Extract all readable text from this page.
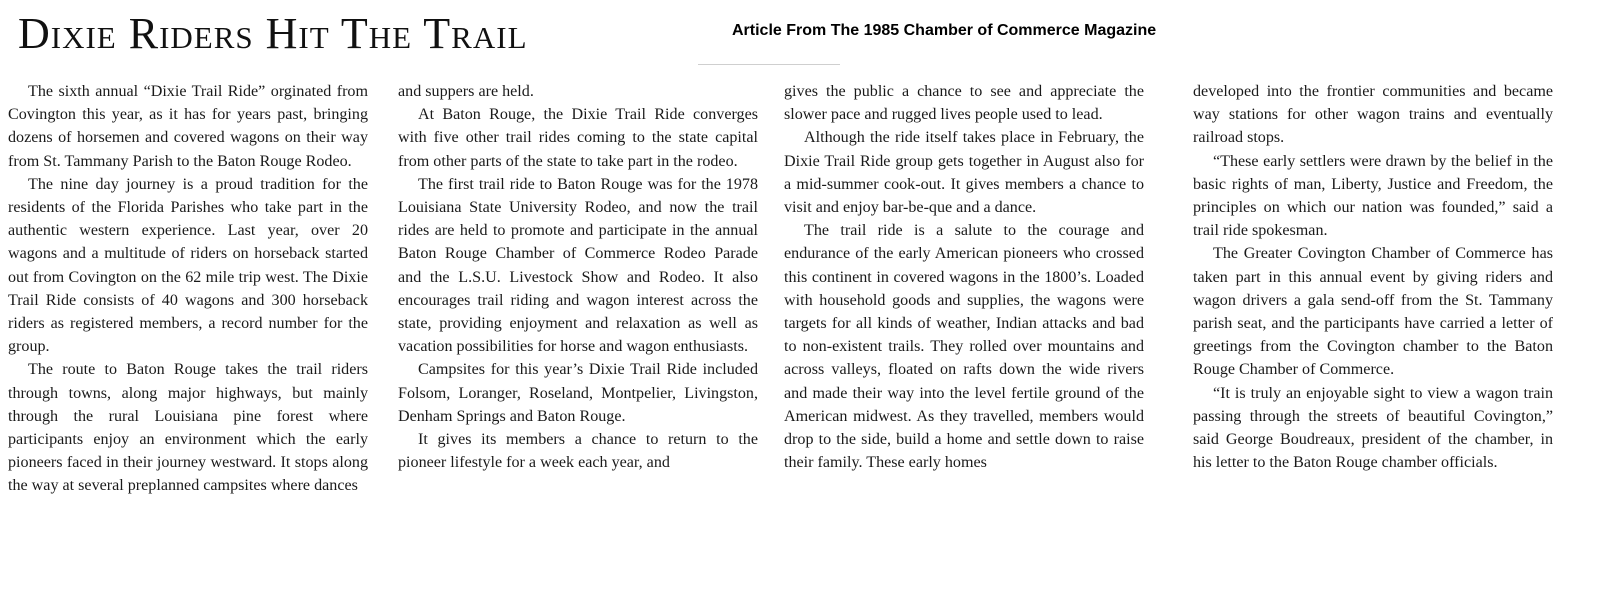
Dixie Riders Hit The Trail	Article From The 1985 Chamber of Commerce Magazine

The sixth annual “Dixie Trail Ride” orginated from Covington this year, as it has for years past, bringing dozens of horsemen and covered wagons on their way from St. Tammany Parish to the Baton Rouge Rodeo.

The nine day journey is a proud tradition for the residents of the Florida Parishes who take part in the authentic western experience. Last year, over 20 wagons and a multitude of riders on horseback started out from Covington on the 62 mile trip west. The Dixie Trail Ride consists of 40 wagons and 300 horseback riders as registered members, a record number for the group.

The route to Baton Rouge takes the trail riders through towns, along major highways, but mainly through the rural Louisiana pine forest where participants enjoy an environment which the early pioneers faced in their journey westward. It stops along the way at several preplanned campsites where dances

and suppers are held.

At Baton Rouge, the Dixie Trail Ride converges with five other trail rides coming to the state capital from other parts of the state to take part in the rodeo.

The first trail ride to Baton Rouge was for the 1978 Louisiana State University Rodeo, and now the trail rides are held to promote and participate in the annual Baton Rouge Chamber of Commerce Rodeo Parade and the L.S.U. Livestock Show and Rodeo. It also encourages trail riding and wagon interest across the state, providing enjoyment and relaxation as well as vacation possibilities for horse and wagon enthusiasts.

Campsites for this year’s Dixie Trail Ride included Folsom, Loranger, Roseland, Montpelier, Livingston, Denham Springs and Baton Rouge.

It gives its members a chance to return to the pioneer lifestyle for a week each year, and

gives the public a chance to see and appreciate the slower pace and rugged lives people used to lead.

Although the ride itself takes place in February, the Dixie Trail Ride group gets together in August also for a mid-summer cook-out. It gives members a chance to visit and enjoy bar-be-que and a dance.

The trail ride is a salute to the courage and endurance of the early American pioneers who crossed this continent in covered wagons in the 1800’s. Loaded with household goods and supplies, the wagons were targets for all kinds of weather, Indian attacks and bad to non-existent trails. They rolled over mountains and across valleys, floated on rafts down the wide rivers and made their way into the level fertile ground of the American midwest. As they travelled, members would drop to the side, build a home and settle down to raise their family. These early homes

developed into the frontier communities and became way stations for other wagon trains and eventually railroad stops.

“These early settlers were drawn by the belief in the basic rights of man, Liberty, Justice and Freedom, the principles on which our nation was founded,” said a trail ride spokesman.

The Greater Covington Chamber of Commerce has taken part in this annual event by giving riders and wagon drivers a gala send-off from the St. Tammany parish seat, and the participants have carried a letter of greetings from the Covington chamber to the Baton Rouge Chamber of Commerce.

“It is truly an enjoyable sight to view a wagon train passing through the streets of beautiful Covington,” said George Boudreaux, president of the chamber, in his letter to the Baton Rouge chamber officials.
